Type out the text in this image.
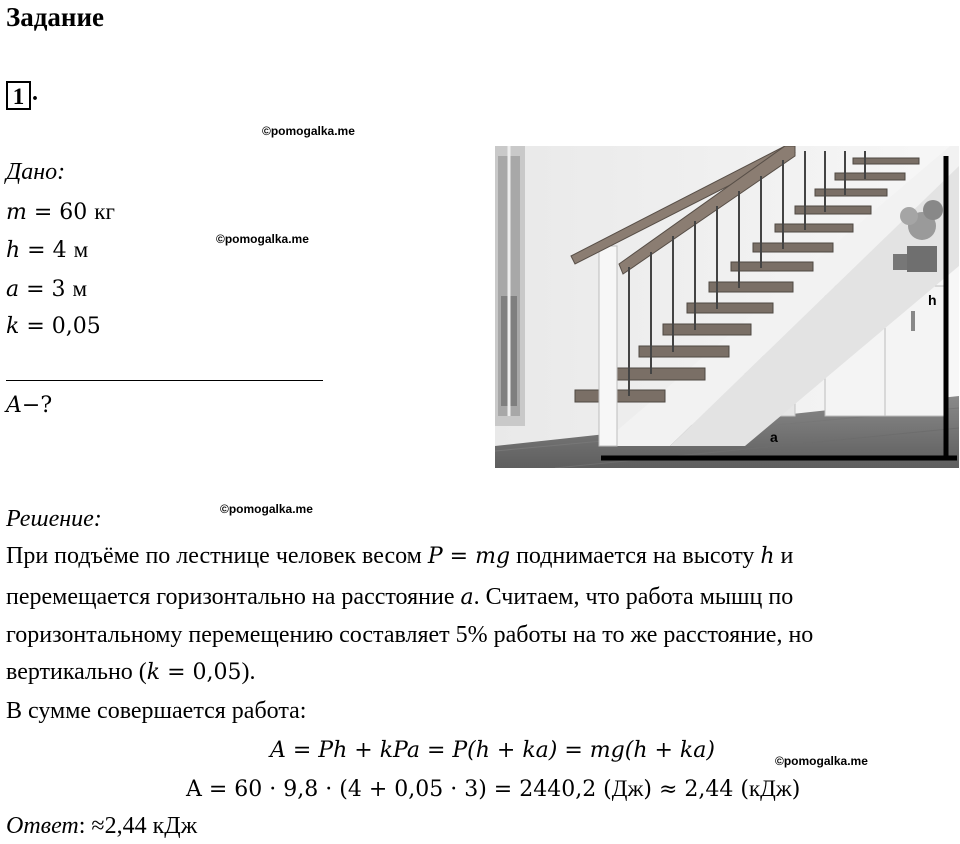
Задание
1 .
©pomogalka.me
©pomogalka.me
©pomogalka.me
©pomogalka.me
Дано:
m = 60 кг
h = 4 м
a = 3 м
k = 0,05
A−?
h
a
Решение:
При подъёме по лестнице человек весом P = mg поднимается на высоту h и
перемещается горизонтально на расстояние a. Считаем, что работа мышц по
горизонтальному перемещению составляет 5% работы на то же расстояние, но
вертикально (k = 0,05).
В сумме совершается работа:
A = Ph + kPa = P(h + ka) = mg(h + ka)
A = 60 · 9,8 · (4 + 0,05 · 3) = 2440,2 (Дж) ≈ 2,44 (кДж)
Ответ: ≈2,44 кДж
